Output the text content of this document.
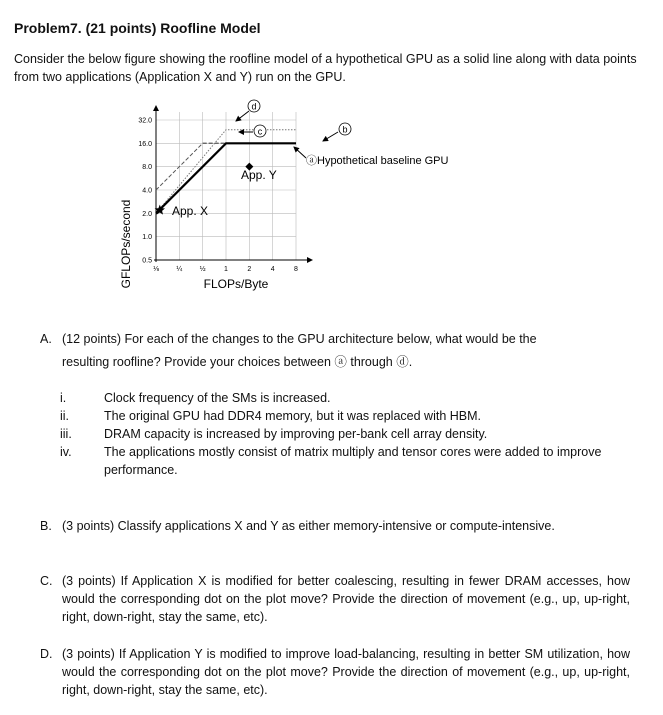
Problem7. (21 points) Roofline Model
Consider the below figure showing the roofline model of a hypothetical GPU as a solid line along with data points from two applications (Application X and Y) run on the GPU.
GFLOPs/second	FLOPs/Byte
32.0
16.0
8.0
4.0
2.0
1.0
0.5
⅛ ¼ ½	1	2	4	8
d
c	b
ⓐHypothetical baseline GPU
App. Y
App. X
A. (12 points) For each of the changes to the GPU architecture below, what would be the
resulting roofline? Provide your choices between ⓐ through ⓓ.
i.	Clock frequency of the SMs is increased.
ii.	The original GPU had DDR4 memory, but it was replaced with HBM.
iii.	DRAM capacity is increased by improving per-bank cell array density.
iv.	The applications mostly consist of matrix multiply and tensor cores were added to improve performance.
B. (3 points) Classify applications X and Y as either memory-intensive or compute-intensive.
C. (3 points) If Application X is modified for better coalescing, resulting in fewer DRAM accesses, how would the corresponding dot on the plot move? Provide the direction of movement (e.g., up, up-right, right, down-right, stay the same, etc).
D. (3 points) If Application Y is modified to improve load-balancing, resulting in better SM utilization, how would the corresponding dot on the plot move? Provide the direction of movement (e.g., up, up-right, right, down-right, stay the same, etc).
